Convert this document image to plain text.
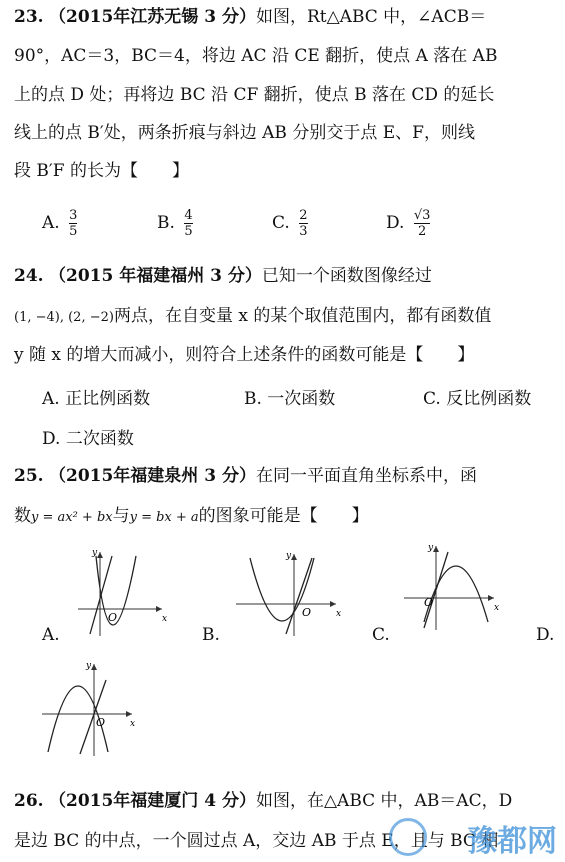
23. （2015年江苏无锡 3 分）如图，Rt△ABC 中，∠ACB＝
90°，AC＝3，BC＝4，将边 AC 沿 CE 翻折，使点 A 落在 AB
上的点 D 处；再将边 BC 沿 CF 翻折，使点 B 落在 CD 的延长
线上的点 B′处，两条折痕与斜边 AB 分别交于点 E、F，则线
段 B′F 的长为【　　】
A. $\frac{3}{5}$	B. $\frac{4}{5}$	C. $\frac{2}{3}$	D. $\frac{√3}{2}$
24. （2015 年福建福州 3 分）已知一个函数图像经过
(1, −4), (2, −2)两点，在自变量 x 的某个取值范围内，都有函数值
y 随 x 的增大而减小，则符合上述条件的函数可能是【　　】
A. 正比例函数	B. 一次函数	C. 反比例函数
D. 二次函数
25. （2015年福建泉州 3 分）在同一平面直角坐标系中，函
数y = ax² + bx与y = bx + a的图象可能是【　　】
y
x
O
A.
y
x
O
B.
y
x
O
C.	D.
y
x
O
26. （2015年福建厦门 4 分）如图，在△ABC 中，AB＝AC，D
是边 BC 的中点，一个圆过点 A，交边 AB 于点 E，且与 BC 相
豫都网
